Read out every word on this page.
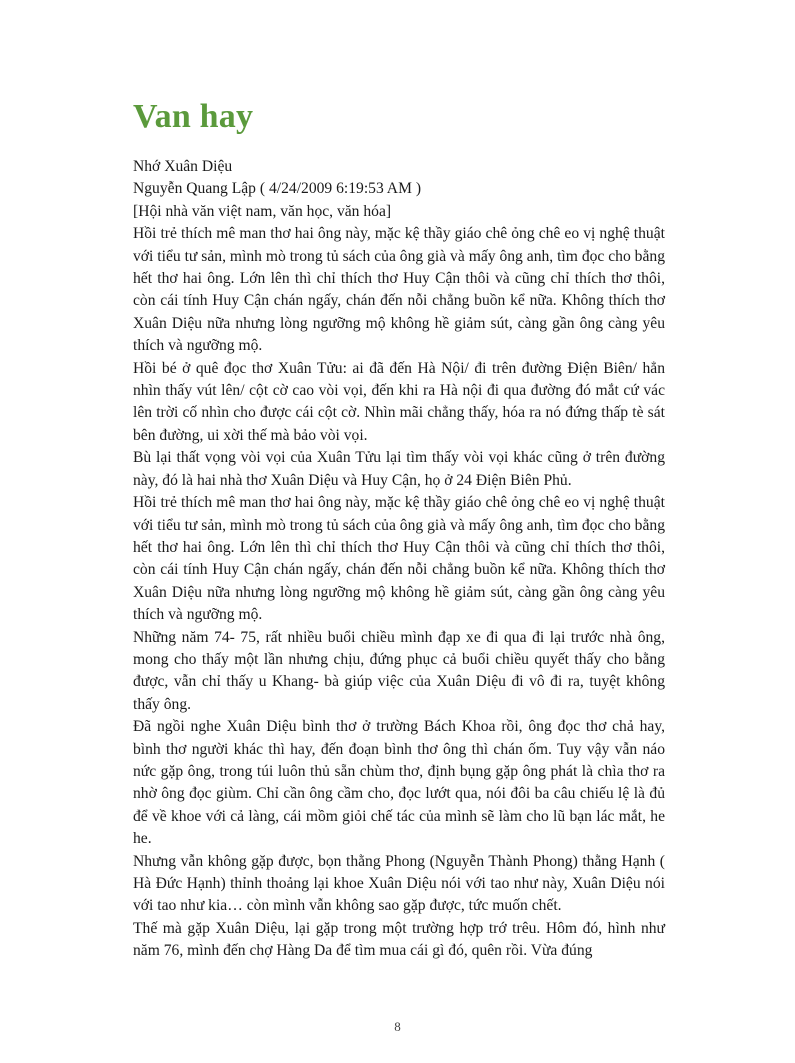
Van hay

Nhớ Xuân Diệu

Nguyễn Quang Lập ( 4/24/2009 6:19:53 AM )

[Hội nhà văn việt nam, văn học, văn hóa]

Hồi trẻ thích mê man thơ hai ông này, mặc kệ thầy giáo chê ỏng chê eo vị nghệ thuật với tiểu tư sản, mình mò trong tủ sách của ông già và mấy ông anh, tìm đọc cho bằng hết thơ hai ông. Lớn lên thì chỉ thích thơ Huy Cận thôi và cũng chỉ thích thơ thôi, còn cái tính Huy Cận chán ngấy, chán đến nỗi chẳng buồn kể nữa. Không thích thơ Xuân Diệu nữa nhưng lòng ngưỡng mộ không hề giảm sút, càng gần ông càng yêu thích và ngưỡng mộ.

Hồi bé ở quê đọc thơ Xuân Tửu: ai đã đến Hà Nội/ đi trên đường Điện Biên/ hẳn nhìn thấy vút lên/ cột cờ cao vòi vọi, đến khi ra Hà nội đi qua đường đó mắt cứ vác lên trời cố nhìn cho được cái cột cờ. Nhìn mãi chẳng thấy, hóa ra nó đứng thấp tè sát bên đường, ui xời thế mà bảo vòi vọi.

Bù lại thất vọng vòi vọi của Xuân Tửu lại tìm thấy vòi vọi khác cũng ở trên đường này, đó là hai nhà thơ Xuân Diệu và Huy Cận, họ ở 24 Điện Biên Phủ.

Hồi trẻ thích mê man thơ hai ông này, mặc kệ thầy giáo chê ỏng chê eo vị nghệ thuật với tiểu tư sản, mình mò trong tủ sách của ông già và mấy ông anh, tìm đọc cho bằng hết thơ hai ông. Lớn lên thì chỉ thích thơ Huy Cận thôi và cũng chỉ thích thơ thôi, còn cái tính Huy Cận chán ngấy, chán đến nỗi chẳng buồn kể nữa. Không thích thơ Xuân Diệu nữa nhưng lòng ngưỡng mộ không hề giảm sút, càng gần ông càng yêu thích và ngưỡng mộ.

Những năm 74- 75, rất nhiều buổi chiều mình đạp xe đi qua đi lại trước nhà ông, mong cho thấy một lần nhưng chịu, đứng phục cả buổi chiều quyết thấy cho bằng được, vẫn chỉ thấy u Khang- bà giúp việc của Xuân Diệu đi vô đi ra, tuyệt không thấy ông.

Đã ngồi nghe Xuân Diệu bình thơ ở trường Bách Khoa rồi, ông đọc thơ chả hay, bình thơ người khác thì hay, đến đoạn bình thơ ông thì chán ốm. Tuy vậy vẫn náo nức gặp ông, trong túi luôn thủ sẵn chùm thơ, định bụng gặp ông phát là chìa thơ ra nhờ ông đọc giùm. Chỉ cần ông cầm cho, đọc lướt qua, nói đôi ba câu chiếu lệ là đủ để về khoe với cả làng, cái mồm giỏi chế tác của mình sẽ làm cho lũ bạn lác mắt, he he.

Nhưng vẫn không gặp được, bọn thằng Phong (Nguyễn Thành Phong) thằng Hạnh ( Hà Đức Hạnh) thỉnh thoảng lại khoe Xuân Diệu nói với tao như này, Xuân Diệu nói với tao như kia… còn mình vẫn không sao gặp được, tức muốn chết.

Thế mà gặp Xuân Diệu, lại gặp trong một trường hợp trớ trêu. Hôm đó, hình như năm 76, mình đến chợ Hàng Da để tìm mua cái gì đó, quên rồi. Vừa đúng

8
